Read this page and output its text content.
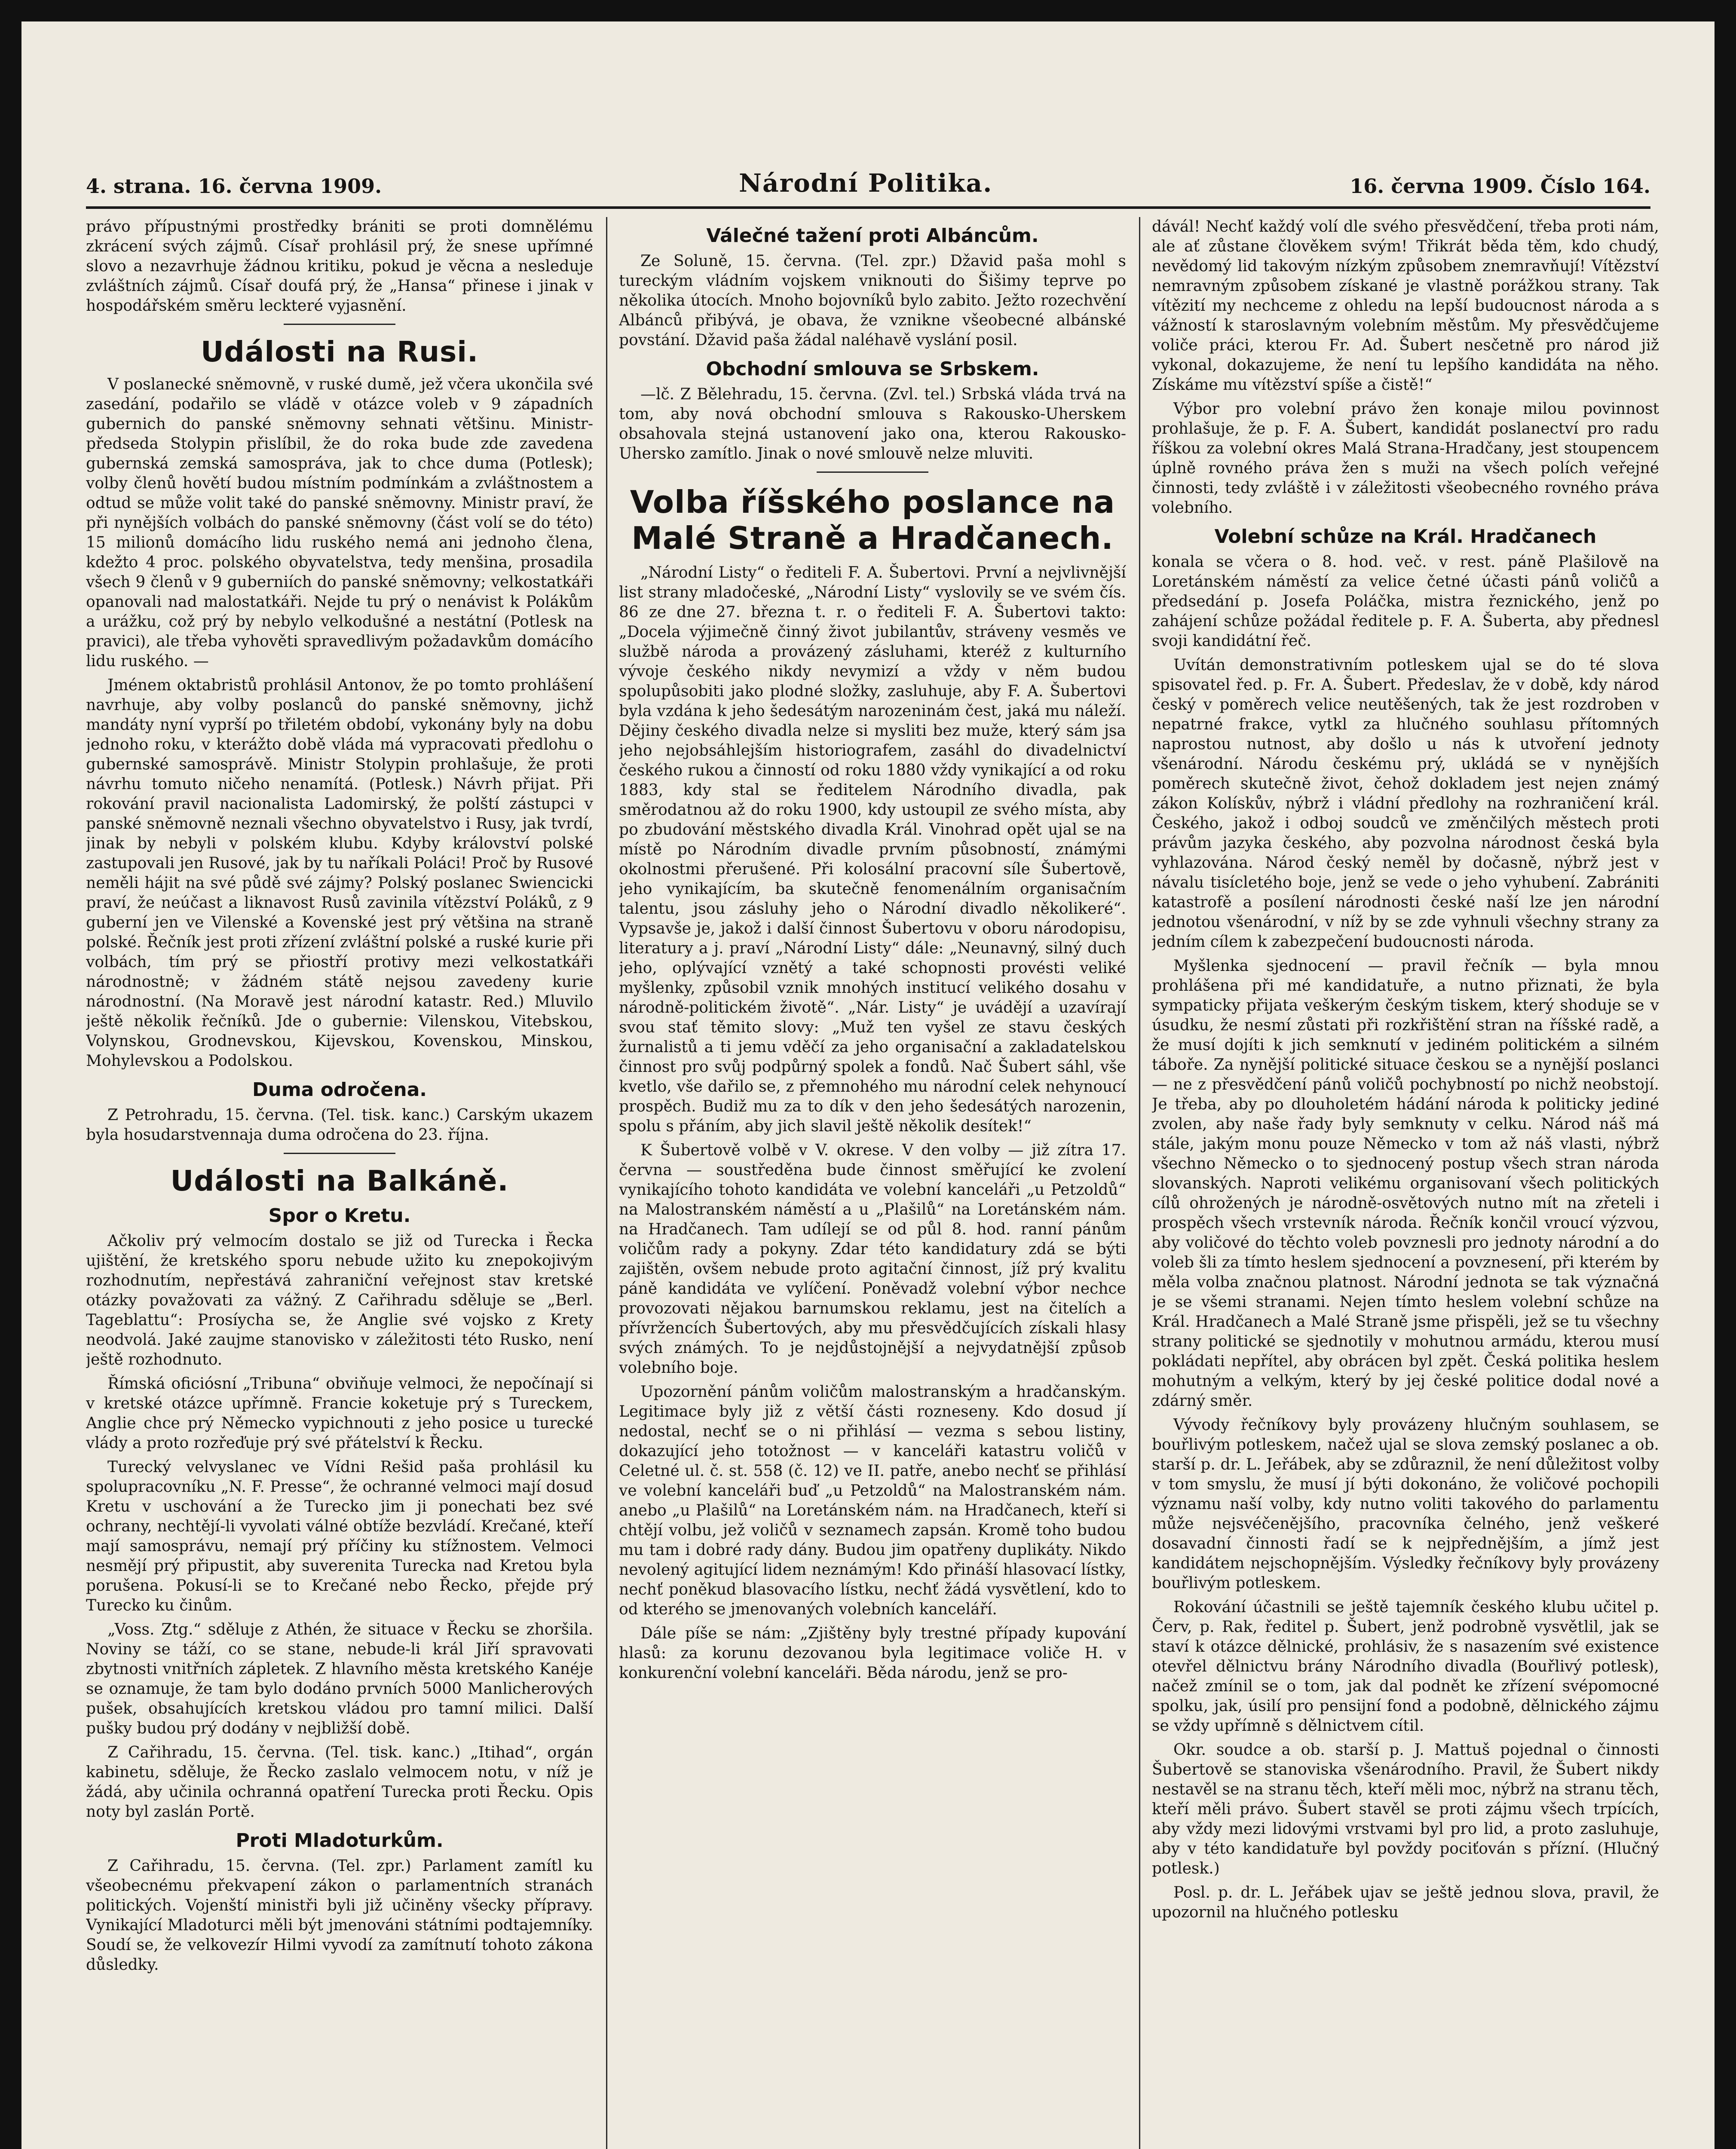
4. strana. 16. června 1909.	Národní Politika.	16. června 1909. Číslo 164.

právo přípustnými prostředky brániti se proti domnělému zkrácení svých zájmů. Císař prohlásil prý, že snese upřímné slovo a nezavrhuje žádnou kritiku, pokud je věcna a nesleduje zvláštních zájmů. Císař doufá prý, že „Hansa“ přinese i jinak v hospodářském směru leckteré vyjasnění.

Události na Rusi.

V poslanecké sněmovně, v ruské dumě, jež včera ukončila své zasedání, podařilo se vládě v otázce voleb v 9 západních gubernich do panské sněmovny sehnati většinu. Ministr-předseda Stolypin přislíbil, že do roka bude zde zavedena gubernská zemská samospráva, jak to chce duma (Potlesk); volby členů hovětí budou místním podmínkám a zvláštnostem a odtud se může volit také do panské sněmovny. Ministr praví, že při nynějších volbách do panské sněmovny (část volí se do této) 15 milionů domácího lidu ruského nemá ani jednoho člena, kdežto 4 proc. polského obyvatelstva, tedy menšina, prosadila všech 9 členů v 9 guberniích do panské sněmovny; velkostatkáři opanovali nad malostatkáři. Nejde tu prý o nenávist k Polákům a urážku, což prý by nebylo velkodušné a nestátní (Potlesk na pravici), ale třeba vyhověti spravedlivým požadavkům domácího lidu ruského. —

Jménem oktabristů prohlásil Antonov, že po tomto prohlášení navrhuje, aby volby poslanců do panské sněmovny, jichž mandáty nyní vyprší po třiletém období, vykonány byly na dobu jednoho roku, v kterážto době vláda má vypracovati předlohu o gubernské samosprávě. Ministr Stolypin prohlašuje, že proti návrhu tomuto ničeho nenamítá. (Potlesk.) Návrh přijat. Při rokování pravil nacionalista Ladomirský, že polští zástupci v panské sněmovně neznali všechno obyvatelstvo i Rusy, jak tvrdí, jinak by nebyli v polském klubu. Kdyby království polské zastupovali jen Rusové, jak by tu naříkali Poláci! Proč by Rusové neměli hájit na své půdě své zájmy? Polský poslanec Swiencicki praví, že neúčast a liknavost Rusů zavinila vítězství Poláků, z 9 guberní jen ve Vilenské a Kovenské jest prý většina na straně polské. Řečník jest proti zřízení zvláštní polské a ruské kurie při volbách, tím prý se přiostří protivy mezi velkostatkáři národnostně; v žádném státě nejsou zavedeny kurie národnostní. (Na Moravě jest národní katastr. Red.) Mluvilo ještě několik řečníků. Jde o gubernie: Vilenskou, Vitebskou, Volynskou, Grodnevskou, Kijevskou, Kovenskou, Minskou, Mohylevskou a Podolskou.

Duma odročena.

Z Petrohradu, 15. června. (Tel. tisk. kanc.) Carským ukazem byla hosudarstvennaja duma odročena do 23. října.

Události na Balkáně.
Spor o Kretu.

Ačkoliv prý velmocím dostalo se již od Turecka i Řecka ujištění, že kretského sporu nebude užito ku znepokojivým rozhodnutím, nepřestává zahraniční veřejnost stav kretské otázky považovati za vážný. Z Cařihradu sděluje se „Berl. Tageblattu“: Prosíycha se, že Anglie své vojsko z Krety neodvolá. Jaké zaujme stanovisko v záležitosti této Rusko, není ještě rozhodnuto.

Římská oficiósní „Tribuna“ obviňuje velmoci, že nepočínají si v kretské otázce upřímně. Francie koketuje prý s Tureckem, Anglie chce prý Německo vypichnouti z jeho posice u turecké vlády a proto rozřeďuje prý své přátelství k Řecku.

Turecký velvyslanec ve Vídni Rešid paša prohlásil ku spolupracovníku „N. F. Presse“, že ochranné velmoci mají dosud Kretu v uschování a že Turecko jim ji ponechati bez své ochrany, nechtějí-li vyvolati válné obtíže bezvládí. Krečané, kteří mají samosprávu, nemají prý příčiny ku stížnostem. Velmoci nesmějí prý připustit, aby suverenita Turecka nad Kretou byla porušena. Pokusí-li se to Krečané nebo Řecko, přejde prý Turecko ku činům.

„Voss. Ztg.“ sděluje z Athén, že situace v Řecku se zhoršila. Noviny se táží, co se stane, nebude-li král Jiří spravovati zbytnosti vnitřních zápletek. Z hlavního města kretského Kanéje se oznamuje, že tam bylo dodáno prvních 5000 Manlicherových pušek, obsahujících kretskou vládou pro tamní milici. Další pušky budou prý dodány v nejbližší době.

Z Cařihradu, 15. června. (Tel. tisk. kanc.) „Itihad“, orgán kabinetu, sděluje, že Řecko zaslalo velmocem notu, v níž je žádá, aby učinila ochranná opatření Turecka proti Řecku. Opis noty byl zaslán Portě.

Proti Mladoturkům.

Z Cařihradu, 15. června. (Tel. zpr.) Parlament zamítl ku všeobecnému překvapení zákon o parlamentních stranách politických. Vojenští ministři byli již učiněny všecky přípravy. Vynikající Mladoturci měli být jmenováni státními podtajemníky. Soudí se, že velkovezír Hilmi vyvodí za zamítnutí tohoto zákona důsledky.

Válečné tažení proti Albáncům.

Ze Soluně, 15. června. (Tel. zpr.) Džavid paša mohl s tureckým vládním vojskem vniknouti do Šišimy teprve po několika útocích. Mnoho bojovníků bylo zabito. Ježto rozechvění Albánců přibývá, je obava, že vznikne všeobecné albánské povstání. Džavid paša žádal naléhavě vyslání posil.

Obchodní smlouva se Srbskem.

—lč. Z Bělehradu, 15. června. (Zvl. tel.) Srbská vláda trvá na tom, aby nová obchodní smlouva s Rakousko-Uherskem obsahovala stejná ustanovení jako ona, kterou Rakousko-Uhersko zamítlo. Jinak o nové smlouvě nelze mluviti.

Volba říšského poslance na Malé Straně a Hradčanech.

„Národní Listy“ o řediteli F. A. Šubertovi. První a nejvlivnější list strany mladočeské, „Národní Listy“ vyslovily se ve svém čís. 86 ze dne 27. března t. r. o řediteli F. A. Šubertovi takto: „Docela výjimečně činný život jubilantův, stráveny vesměs ve službě národa a provázený zásluhami, kteréž z kulturního vývoje českého nikdy nevymizí a vždy v něm budou spolupůsobiti jako plodné složky, zasluhuje, aby F. A. Šubertovi byla vzdána k jeho šedesátým narozeninám čest, jaká mu náleží. Dějiny českého divadla nelze si mysliti bez muže, který sám jsa jeho nejobsáhlejším historiografem, zasáhl do divadelnictví českého rukou a činností od roku 1880 vždy vynikající a od roku 1883, kdy stal se ředitelem Národního divadla, pak směrodatnou až do roku 1900, kdy ustoupil ze svého místa, aby po zbudování městského divadla Král. Vinohrad opět ujal se na místě po Národním divadle prvním působností, známými okolnostmi přerušené. Při kolosální pracovní síle Šubertově, jeho vynikajícím, ba skutečně fenomenálním organisačním talentu, jsou zásluhy jeho o Národní divadlo několikeré“. Vypsavše je, jakož i další činnost Šubertovu v oboru národopisu, literatury a j. praví „Národní Listy“ dále: „Neunavný, silný duch jeho, oplývající vznětý a také schopnosti provésti veliké myšlenky, způsobil vznik mnohých institucí velikého dosahu v národně-politickém životě“. „Nár. Listy“ je uvádějí a uzavírají svou stať těmito slovy: „Muž ten vyšel ze stavu českých žurnalistů a ti jemu vděčí za jeho organisační a zakladatelskou činnost pro svůj podpůrný spolek a fondů. Nač Šubert sáhl, vše kvetlo, vše dařilo se, z přemnohého mu národní celek nehynoucí prospěch. Budiž mu za to dík v den jeho šedesátých narozenin, spolu s přáním, aby jich slavil ještě několik desítek!“

K Šubertově volbě v V. okrese. V den volby — již zítra 17. června — soustředěna bude činnost směřující ke zvolení vynikajícího tohoto kandidáta ve volební kanceláři „u Petzoldů“ na Malostranském náměstí a u „Plašilů“ na Loretánském nám. na Hradčanech. Tam udílejí se od půl 8. hod. ranní pánům voličům rady a pokyny. Zdar této kandidatury zdá se býti zajištěn, ovšem nebude proto agitační činnost, jíž prý kvalitu páně kandidáta ve vylíčení. Poněvadž volební výbor nechce provozovati nějakou barnumskou reklamu, jest na čitelích a přívržencích Šubertových, aby mu přesvědčujících získali hlasy svých známých. To je nejdůstojnější a nejvydatnější způsob volebního boje.

Upozornění pánům voličům malostranským a hradčanským. Legitimace byly již z větší části rozneseny. Kdo dosud jí nedostal, nechť se o ni přihlásí — vezma s sebou listiny, dokazující jeho totožnost — v kanceláři katastru voličů v Celetné ul. č. st. 558 (č. 12) ve II. patře, anebo nechť se přihlásí ve volební kanceláři buď „u Petzoldů“ na Malostranském nám. anebo „u Plašilů“ na Loretánském nám. na Hradčanech, kteří si chtějí volbu, jež voličů v seznamech zapsán. Kromě toho budou mu tam i dobré rady dány. Budou jim opatřeny duplikáty. Nikdo nevolený agitující lidem neznámým! Kdo přináší hlasovací lístky, nechť poněkud blasovacího lístku, nechť žádá vysvětlení, kdo to od kterého se jmenovaných volebních kanceláří.

Dále píše se nám: „Zjištěny byly trestné případy kupování hlasů: za korunu dezovanou byla legitimace voliče H. v konkurenční volební kanceláři. Běda národu, jenž se pro-

dávál! Nechť každý volí dle svého přesvědčení, třeba proti nám, ale ať zůstane člověkem svým! Třikrát běda těm, kdo chudý, nevědomý lid takovým nízkým způsobem znemravňují! Vítězství nemravným způsobem získané je vlastně porážkou strany. Tak vítězití my nechceme z ohledu na lepší budoucnost národa a s vážností k staroslavným volebním městům. My přesvědčujeme voliče práci, kterou Fr. Ad. Šubert nesčetně pro národ již vykonal, dokazujeme, že není tu lepšího kandidáta na něho. Získáme mu vítězství spíše a čistě!“

Výbor pro volební právo žen konaje milou povinnost prohlašuje, že p. F. A. Šubert, kandidát poslanectví pro radu říškou za volební okres Malá Strana-Hradčany, jest stoupencem úplně rovného práva žen s muži na všech polích veřejné činnosti, tedy zvláště i v záležitosti všeobecného rovného práva volebního.

Volební schůze na Král. Hradčanech

konala se včera o 8. hod. več. v rest. páně Plašilově na Loretánském náměstí za velice četné účasti pánů voličů a předsedání p. Josefa Poláčka, mistra řeznického, jenž po zahájení schůze požádal ředitele p. F. A. Šuberta, aby přednesl svoji kandidátní řeč.

Uvítán demonstrativním potleskem ujal se do té slova spisovatel řed. p. Fr. A. Šubert. Předeslav, že v době, kdy národ český v poměrech velice neutěšených, tak že jest rozdroben v nepatrné frakce, vytkl za hlučného souhlasu přítomných naprostou nutnost, aby došlo u nás k utvoření jednoty všenárodní. Národu českému prý, ukládá se v nynějších poměrech skutečně život, čehož dokladem jest nejen známý zákon Kolískův, nýbrž i vládní předlohy na rozhraničení král. Českého, jakož i odboj soudců ve změnčilých městech proti právům jazyka českého, aby pozvolna národnost česká byla vyhlazována. Národ český neměl by dočasně, nýbrž jest v návalu tisícletého boje, jenž se vede o jeho vyhubení. Zabrániti katastrofě a posílení národnosti české naší lze jen národní jednotou všenárodní, v níž by se zde vyhnuli všechny strany za jedním cílem k zabezpečení budoucnosti národa.

Myšlenka sjednocení — pravil řečník — byla mnou prohlášena při mé kandidatuře, a nutno přiznati, že byla sympaticky přijata veškerým českým tiskem, který shoduje se v úsudku, že nesmí zůstati při rozkřištění stran na říšské radě, a že musí dojíti k jich semknutí v jediném politickém a silném táboře. Za nynější politické situace českou se a nynější poslanci — ne z přesvědčení pánů voličů pochybností po nichž neobstojí. Je třeba, aby po dlouholetém hádání národa k politicky jediné zvolen, aby naše řady byly semknuty v celku. Národ náš má stále, jakým monu pouze Německo v tom až náš vlasti, nýbrž všechno Německo o to sjednocený postup všech stran národa slovanských. Naproti velikému organisovaní všech politických cílů ohrožených je národně-osvětových nutno mít na zřeteli i prospěch všech vrstevník národa. Řečník končil vroucí výzvou, aby voličové do těchto voleb povznesli pro jednoty národní a do voleb šli za tímto heslem sjednocení a povznesení, při kterém by měla volba značnou platnost. Národní jednota se tak význačná je se všemi stranami. Nejen tímto heslem volební schůze na Král. Hradčanech a Malé Straně jsme přispěli, jež se tu všechny strany politické se sjednotily v mohutnou armádu, kterou musí pokládati nepřítel, aby obrácen byl zpět. Česká politika heslem mohutným a velkým, který by jej české politice dodal nové a zdárný směr.

Vývody řečníkovy byly provázeny hlučným souhlasem, se bouřlivým potleskem, načež ujal se slova zemský poslanec a ob. starší p. dr. L. Jeřábek, aby se zdůraznil, že není důležitost volby v tom smyslu, že musí jí býti dokonáno, že voličové pochopili významu naší volby, kdy nutno voliti takového do parlamentu může nejsvéčenějšího, pracovníka čelného, jenž veškeré dosavadní činnosti řadí se k nejpřednějším, a jímž jest kandidátem nejschopnějším. Výsledky řečníkovy byly provázeny bouřlivým potleskem.

Rokování účastnili se ještě tajemník českého klubu učitel p. Červ, p. Rak, ředitel p. Šubert, jenž podrobně vysvětlil, jak se staví k otázce dělnické, prohlásiv, že s nasazením své existence otevřel dělnictvu brány Národního divadla (Bouřlivý potlesk), načež zmínil se o tom, jak dal podnět ke zřízení svépomocné spolku, jak, úsilí pro pensijní fond a podobně, dělnického zájmu se vždy upřímně s dělnictvem cítil.

Okr. soudce a ob. starší p. J. Mattuš pojednal o činnosti Šubertově se stanoviska všenárodního. Pravil, že Šubert nikdy nestavěl se na stranu těch, kteří měli moc, nýbrž na stranu těch, kteří měli právo. Šubert stavěl se proti zájmu všech trpících, aby vždy mezi lidovými vrstvami byl pro lid, a proto zasluhuje, aby v této kandidatuře byl povždy pociťován s přízní. (Hlučný potlesk.)

Posl. p. dr. L. Jeřábek ujav se ještě jednou slova, pravil, že upozornil na hlučného potlesku
